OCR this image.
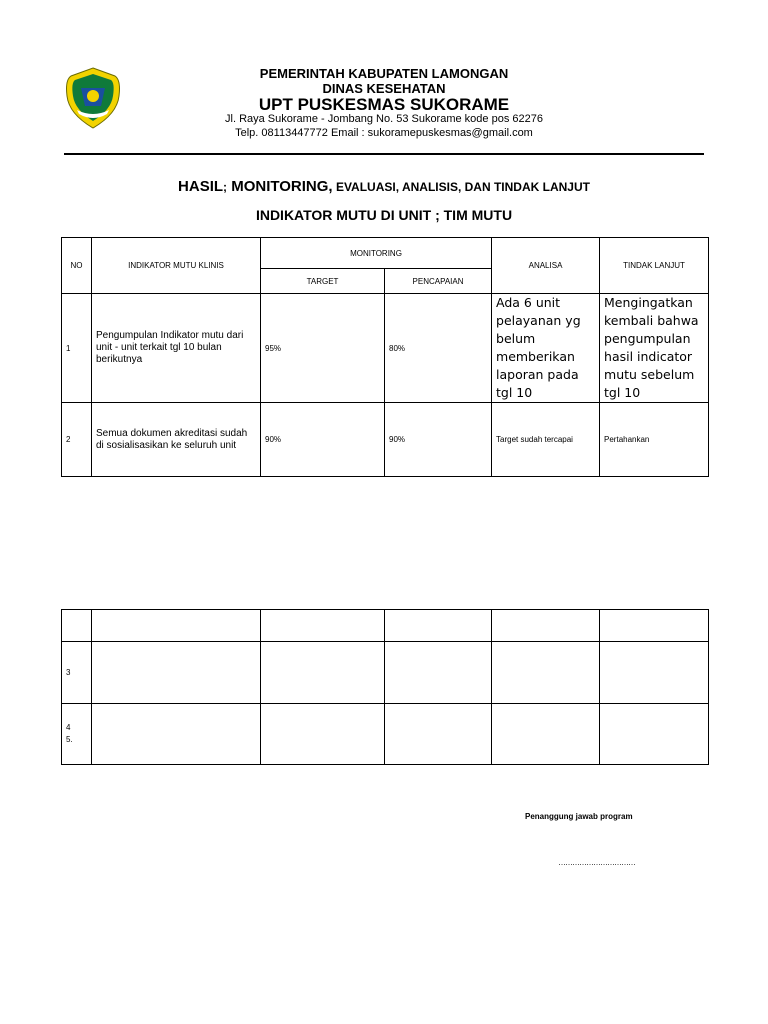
PEMERINTAH KABUPATEN LAMONGAN
DINAS KESEHATAN
UPT PUSKESMAS SUKORAME
Jl. Raya Sukorame - Jombang No. 53 Sukorame kode pos 62276
Telp. 08113447772 Email : sukoramepuskesmas@gmail.com
HASIL; MONITORING, EVALUASI, ANALISIS, DAN TINDAK LANJUT
INDIKATOR MUTU DI UNIT ; TIM MUTU
NO	INDIKATOR MUTU KLINIS	MONITORING		ANALISA	TINDAK LANJUT
		TARGET	PENCAPAIAN		
1	Pengumpulan Indikator mutu dari unit - unit terkait tgl 10 bulan berikutnya	95%	80%	Ada 6 unit pelayanan yg belum memberikan laporan pada tgl 10	Mengingatkan kembali bahwa pengumpulan hasil indicator mutu sebelum tgl 10
2	Semua dokumen akreditasi sudah di sosialisasikan ke seluruh unit	90%	90%	Target sudah tercapai	Pertahankan

3					

4
5.					

Penanggung jawab program
……………………………
